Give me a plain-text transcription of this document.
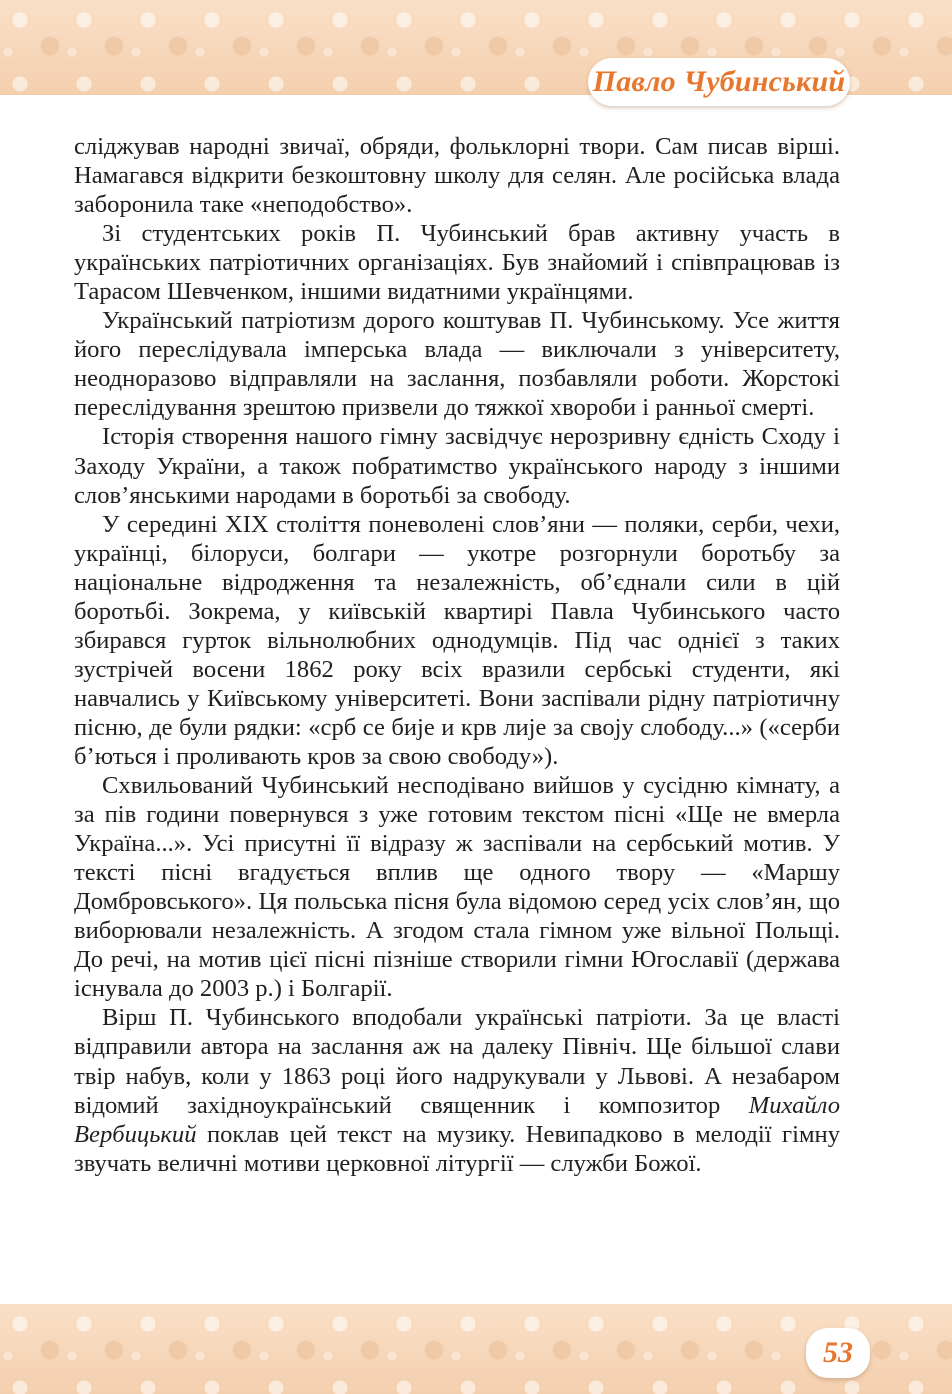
Павло Чубинський

сліджував народні звичаї, обряди, фольклорні твори. Сам писав вірші. Намагався відкрити безкоштовну школу для селян. Але російська влада заборонила таке «неподобство».

Зі студентських років П. Чубинський брав активну участь в українських патріотичних організаціях. Був знайомий і співпрацював із Тарасом Шевченком, іншими видатними українцями.

Український патріотизм дорого коштував П. Чубинському. Усе життя його переслідувала імперська влада — виключали з університету, неодноразово відправляли на заслання, позбавляли роботи. Жорстокі переслідування зрештою призвели до тяжкої хвороби і ранньої смерті.

Історія створення нашого гімну засвідчує нерозривну єдність Сходу і Заходу України, а також побратимство українського народу з іншими слов’янськими народами в боротьбі за свободу.

У середині XIX століття поневолені слов’яни — поляки, серби, чехи, українці, білоруси, болгари — укотре розгорнули боротьбу за національне відродження та незалежність, об’єднали сили в цій боротьбі. Зокрема, у київській квартирі Павла Чубинського часто збирався гурток вільнолюбних однодумців. Під час однієї з таких зустрічей восени 1862 року всіх вразили сербські студенти, які навчались у Київському університеті. Вони заспівали рідну патріотичну пісню, де були рядки: «срб се бије и крв лије за своју слободу...» («серби б’ються і проливають кров за свою свободу»).

Схвильований Чубинський несподівано вийшов у сусідню кімнату, а за пів години повернувся з уже готовим текстом пісні «Ще не вмерла Україна...». Усі присутні її відразу ж заспівали на сербський мотив. У тексті пісні вгадується вплив ще одного твору — «Маршу Домбровського». Ця польська пісня була відомою серед усіх слов’ян, що виборювали незалежність. А згодом стала гімном уже вільної Польщі. До речі, на мотив цієї пісні пізніше створили гімни Югославії (держава існувала до 2003 р.) і Болгарії.

Вірш П. Чубинського вподобали українські патріоти. За це власті відправили автора на заслання аж на далеку Північ. Ще більшої слави твір набув, коли у 1863 році його надрукували у Львові. А незабаром відомий західноукраїнський священник і композитор Михайло Вербицький поклав цей текст на музику. Невипадково в мелодії гімну звучать величні мотиви церковної літургії — служби Божої.

53
